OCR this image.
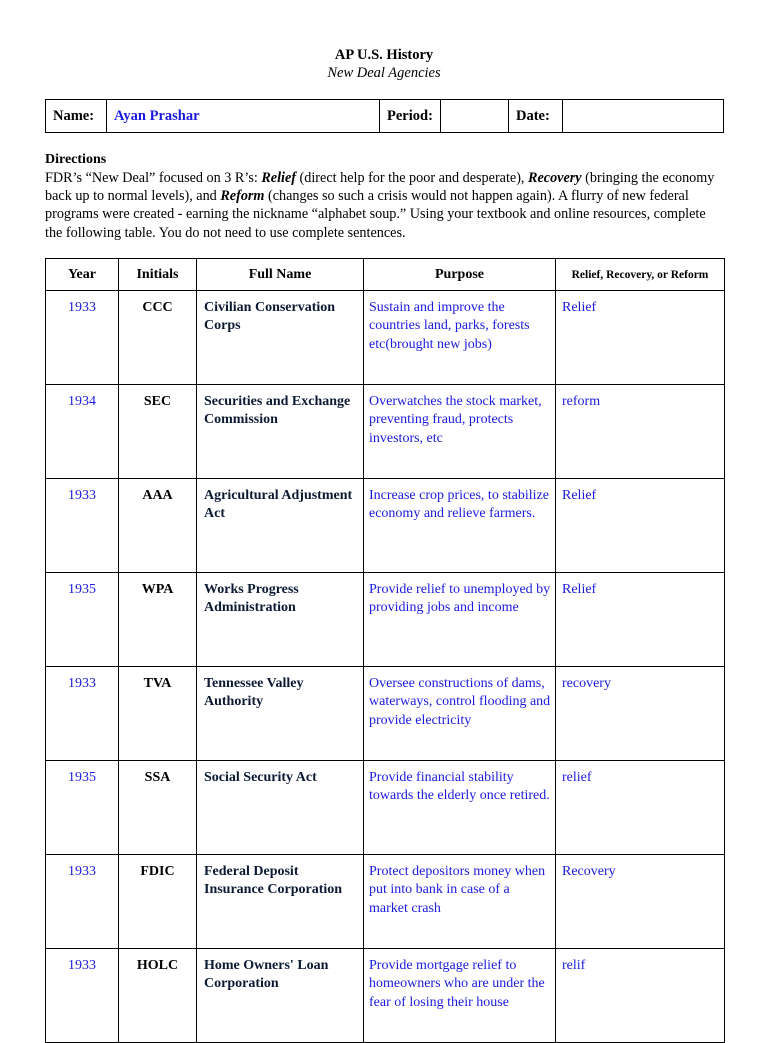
AP U.S. History
New Deal Agencies
Name:	Ayan Prashar	Period:		Date:	
Directions
FDR’s “New Deal” focused on 3 R’s: Relief (direct help for the poor and desperate), Recovery (bringing the economy back up to normal levels), and Reform (changes so such a crisis would not happen again). A flurry of new federal programs were created - earning the nickname “alphabet soup.” Using your textbook and online resources, complete the following table. You do not need to use complete sentences.
Year	Initials	Full Name	Purpose	Relief, Recovery, or Reform
1933	CCC	Civilian Conservation Corps	Sustain and improve the countries land, parks, forests etc(brought new jobs)	Relief
1934	SEC	Securities and Exchange Commission	Overwatches the stock market, preventing fraud, protects investors, etc	reform
1933	AAA	Agricultural Adjustment Act	Increase crop prices, to stabilize economy and relieve farmers.	Relief
1935	WPA	Works Progress Administration	Provide relief to unemployed by providing jobs and income	Relief
1933	TVA	Tennessee Valley Authority	Oversee constructions of dams, waterways, control flooding and provide electricity	recovery
1935	SSA	Social Security Act	Provide financial stability towards the elderly once retired.	relief
1933	FDIC	Federal Deposit Insurance Corporation	Protect depositors money when put into bank in case of a market crash	Recovery
1933	HOLC	Home Owners' Loan Corporation	Provide mortgage relief to homeowners who are under the fear of losing their house	relif
